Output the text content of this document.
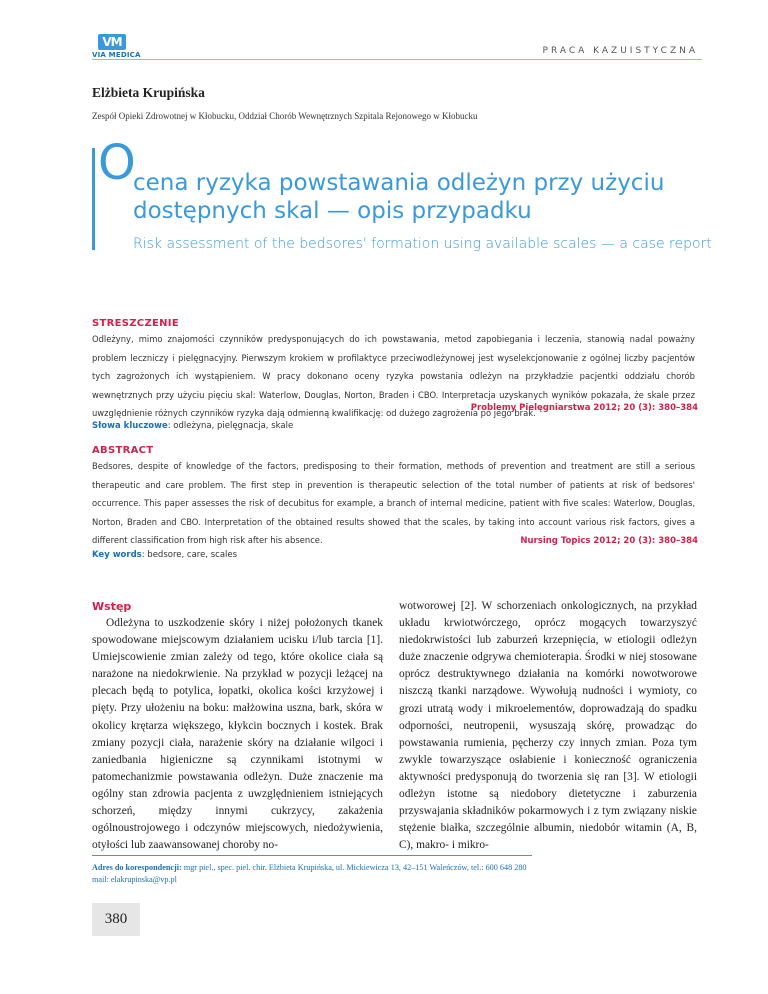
VM
VIA MEDICA	PRACA KAZUISTYCZNA
Elżbieta Krupińska
Zespół Opieki Zdrowotnej w Kłobucku, Oddział Chorób Wewnętrznych Szpitala Rejonowego w Kłobucku
O
cena ryzyka powstawania odleżyn przy użyciu
dostępnych skal — opis przypadku
Risk assessment of the bedsores' formation using available scales — a case report
STRESZCZENIE
Odleżyny, mimo znajomości czynników predysponujących do ich powstawania, metod zapobiegania i leczenia, stanowią nadal poważny problem leczniczy i pielęgnacyjny. Pierwszym krokiem w profilaktyce przeciwodleżynowej jest wyselekcjonowanie z ogólnej liczby pacjentów tych zagrożonych ich wystąpieniem. W pracy dokonano oceny ryzyka powstania odleżyn na przykładzie pacjentki oddziału chorób wewnętrznych przy użyciu pięciu skal: Waterlow, Douglas, Norton, Braden i CBO. Interpretacja uzyskanych wyników pokazała, że skale przez uwzględnienie różnych czynników ryzyka dają odmienną kwalifikację: od dużego zagrożenia po jego brak.
Problemy Pielęgniarstwa 2012; 20 (3): 380–384
Słowa kluczowe: odleżyna, pielęgnacja, skale
ABSTRACT
Bedsores, despite of knowledge of the factors, predisposing to their formation, methods of prevention and treatment are still a serious therapeutic and care problem. The first step in prevention is therapeutic selection of the total number of patients at risk of bedsores' occurrence. This paper assesses the risk of decubitus for example, a branch of internal medicine, patient with five scales: Waterlow, Douglas, Norton, Braden and CBO. Interpretation of the obtained results showed that the scales, by taking into account various risk factors, gives a different classification from high risk after his absence.	Nursing Topics 2012; 20 (3): 380–384
Key words: bedsore, care, scales
Wstęp

Odleżyna to uszkodzenie skóry i niżej położonych tkanek spowodowane miejscowym działaniem ucisku i/lub tarcia [1]. Umiejscowienie zmian zależy od tego, które okolice ciała są narażone na niedokrwienie. Na przykład w pozycji leżącej na plecach będą to potylica, łopatki, okolica kości krzyżowej i pięty. Przy ułożeniu na boku: małżowina uszna, bark, skóra w okolicy krętarza większego, kłykcin bocznych i kostek. Brak zmiany pozycji ciała, narażenie skóry na działanie wilgoci i zaniedbania higieniczne są czynnikami istotnymi w patomechanizmie powstawania odleżyn. Duże znaczenie ma ogólny stan zdrowia pacjenta z uwzględnieniem istniejących schorzeń, między innymi cukrzycy, zakażenia ogólnoustrojowego i odczynów miejscowych, niedożywienia, otyłości lub zaawansowanej choroby no-

wotworowej [2]. W schorzeniach onkologicznych, na przykład układu krwiotwórczego, oprócz mogących towarzyszyć niedokrwistości lub zaburzeń krzepnięcia, w etiologii odleżyn duże znaczenie odgrywa chemioterapia. Środki w niej stosowane oprócz destruktywnego działania na komórki nowotworowe niszczą tkanki narządowe. Wywołują nudności i wymioty, co grozi utratą wody i mikroelementów, doprowadzają do spadku odporności, neutropenii, wysuszają skórę, prowadząc do powstawania rumienia, pęcherzy czy innych zmian. Poza tym zwykle towarzyszące osłabienie i konieczność ograniczenia aktywności predysponują do tworzenia się ran [3]. W etiologii odleżyn istotne są niedobory dietetyczne i zaburzenia przyswajania składników pokarmowych i z tym związany niskie stężenie białka, szczególnie albumin, niedobór witamin (A, B, C), makro- i mikro-

Adres do korespondencji: mgr piel., spec. piel. chir. Elżbieta Krupińska, ul. Mickiewicza 13, 42–151 Waleńczów, tel.: 600 648 280
mail: elakrupinska@vp.pl
380
